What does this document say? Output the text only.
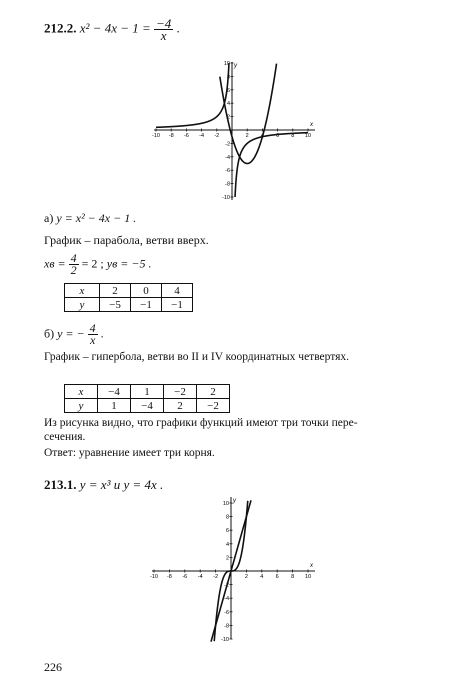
212.2. $x^2 - 4x - 1 = \frac{-4}{x}$ .
-10 -8 -6 -4 -2	2 4 6 8 10
10
8
6
4
2
-2
-4
-6
-8
-10
x
y
а) y = x² − 4x − 1 .
График – парабола, ветви вверх.
xв = $\frac{4}{2} = 2$ ; yв = −5 .
x	2	0	4
y	−5	−1	−1
б) y = − $\frac{4}{x}$ .
График – гипербола, ветви во II и IV координатных четвертях.
x	−4	1	−2	2
y	1	−4	2	−2
Из рисунка видно, что графики функций имеют три точки пере-
сечения.
Ответ: уравнение имеет три корня.
213.1. y = x³ и y = 4x .
-10 -8 -6 -4 -2	2 4 6 8 10
10
8
6
4
2
-2
-4
-6
-8
-10
x
y
226
